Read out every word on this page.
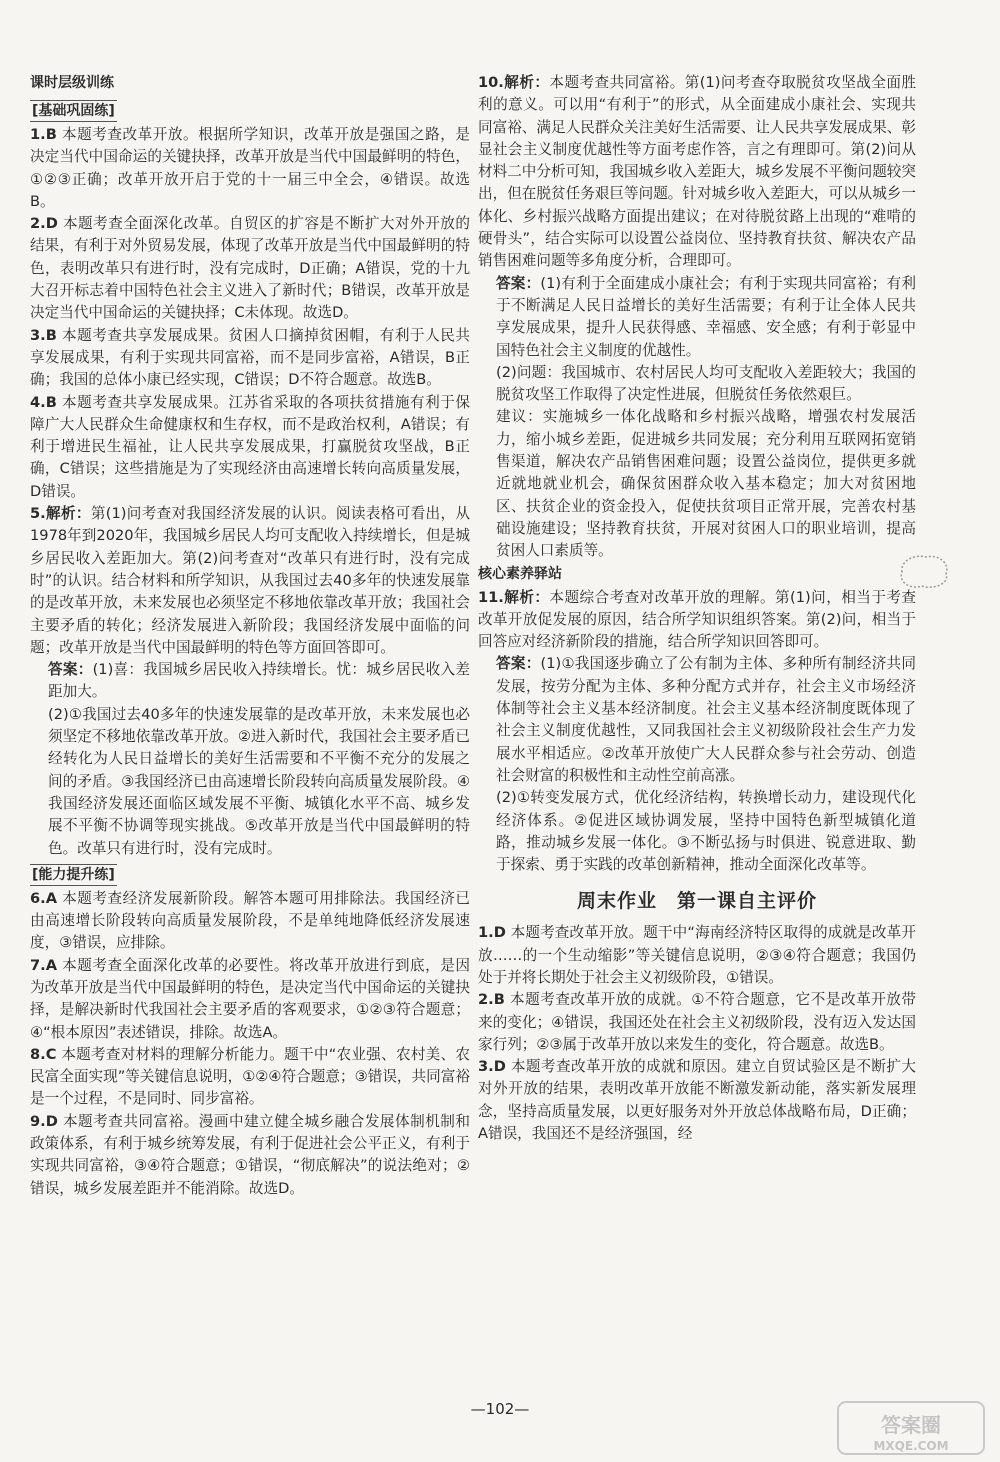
课时层级训练
[基础巩固练]

1.B 本题考查改革开放。根据所学知识，改革开放是强国之路，是决定当代中国命运的关键抉择，改革开放是当代中国最鲜明的特色，①②③正确；改革开放开启于党的十一届三中全会，④错误。故选B。

2.D 本题考查全面深化改革。自贸区的扩容是不断扩大对外开放的结果，有利于对外贸易发展，体现了改革开放是当代中国最鲜明的特色，表明改革只有进行时，没有完成时，D正确；A错误，党的十九大召开标志着中国特色社会主义进入了新时代；B错误，改革开放是决定当代中国命运的关键抉择；C未体现。故选D。

3.B 本题考查共享发展成果。贫困人口摘掉贫困帽，有利于人民共享发展成果，有利于实现共同富裕，而不是同步富裕，A错误，B正确；我国的总体小康已经实现，C错误；D不符合题意。故选B。

4.B 本题考查共享发展成果。江苏省采取的各项扶贫措施有利于保障广大人民群众生命健康权和生存权，而不是政治权利，A错误；有利于增进民生福祉，让人民共享发展成果，打赢脱贫攻坚战，B正确，C错误；这些措施是为了实现经济由高速增长转向高质量发展，D错误。

5.解析：第(1)问考查对我国经济发展的认识。阅读表格可看出，从1978年到2020年，我国城乡居民人均可支配收入持续增长，但是城乡居民收入差距加大。第(2)问考查对“改革只有进行时，没有完成时”的认识。结合材料和所学知识，从我国过去40多年的快速发展靠的是改革开放，未来发展也必须坚定不移地依靠改革开放；我国社会主要矛盾的转化；经济发展进入新阶段；我国经济发展中面临的问题；改革开放是当代中国最鲜明的特色等方面回答即可。

答案：(1)喜：我国城乡居民收入持续增长。忧：城乡居民收入差距加大。

(2)①我国过去40多年的快速发展靠的是改革开放，未来发展也必须坚定不移地依靠改革开放。②进入新时代，我国社会主要矛盾已经转化为人民日益增长的美好生活需要和不平衡不充分的发展之间的矛盾。③我国经济已由高速增长阶段转向高质量发展阶段。④我国经济发展还面临区域发展不平衡、城镇化水平不高、城乡发展不平衡不协调等现实挑战。⑤改革开放是当代中国最鲜明的特色。改革只有进行时，没有完成时。

[能力提升练]

6.A 本题考查经济发展新阶段。解答本题可用排除法。我国经济已由高速增长阶段转向高质量发展阶段，不是单纯地降低经济发展速度，③错误，应排除。

7.A 本题考查全面深化改革的必要性。将改革开放进行到底，是因为改革开放是当代中国最鲜明的特色，是决定当代中国命运的关键抉择，是解决新时代我国社会主要矛盾的客观要求，①②③符合题意；④“根本原因”表述错误，排除。故选A。

8.C 本题考查对材料的理解分析能力。题干中“农业强、农村美、农民富全面实现”等关键信息说明，①②④符合题意；③错误，共同富裕是一个过程，不是同时、同步富裕。

9.D 本题考查共同富裕。漫画中建立健全城乡融合发展体制机制和政策体系，有利于城乡统筹发展，有利于促进社会公平正义，有利于实现共同富裕，③④符合题意；①错误，“彻底解决”的说法绝对；②错误，城乡发展差距并不能消除。故选D。

10.解析：本题考查共同富裕。第(1)问考查夺取脱贫攻坚战全面胜利的意义。可以用“有利于”的形式，从全面建成小康社会、实现共同富裕、满足人民群众关注美好生活需要、让人民共享发展成果、彰显社会主义制度优越性等方面考虑作答，言之有理即可。第(2)问从材料二中分析可知，我国城乡收入差距大，城乡发展不平衡问题较突出，但在脱贫任务艰巨等问题。针对城乡收入差距大，可以从城乡一体化、乡村振兴战略方面提出建议；在对待脱贫路上出现的“难啃的硬骨头”，结合实际可以设置公益岗位、坚持教育扶贫、解决农产品销售困难问题等多角度分析，合理即可。

答案：(1)有利于全面建成小康社会；有利于实现共同富裕；有利于不断满足人民日益增长的美好生活需要；有利于让全体人民共享发展成果，提升人民获得感、幸福感、安全感；有利于彰显中国特色社会主义制度的优越性。

(2)问题：我国城市、农村居民人均可支配收入差距较大；我国的脱贫攻坚工作取得了决定性进展，但脱贫任务依然艰巨。

建议：实施城乡一体化战略和乡村振兴战略，增强农村发展活力，缩小城乡差距，促进城乡共同发展；充分利用互联网拓宽销售渠道，解决农产品销售困难问题；设置公益岗位，提供更多就近就地就业机会，确保贫困群众收入基本稳定；加大对贫困地区、扶贫企业的资金投入，促使扶贫项目正常开展，完善农村基础设施建设；坚持教育扶贫，开展对贫困人口的职业培训，提高贫困人口素质等。

核心素养驿站

11.解析：本题综合考查对改革开放的理解。第(1)问，相当于考查改革开放促发展的原因，结合所学知识组织答案。第(2)问，相当于回答应对经济新阶段的措施，结合所学知识回答即可。

答案：(1)①我国逐步确立了公有制为主体、多种所有制经济共同发展，按劳分配为主体、多种分配方式并存，社会主义市场经济体制等社会主义基本经济制度。社会主义基本经济制度既体现了社会主义制度优越性，又同我国社会主义初级阶段社会生产力发展水平相适应。②改革开放使广大人民群众参与社会劳动、创造社会财富的积极性和主动性空前高涨。

(2)①转变发展方式，优化经济结构，转换增长动力，建设现代化经济体系。②促进区域协调发展，坚持中国特色新型城镇化道路，推动城乡发展一体化。③不断弘扬与时俱进、锐意进取、勤于探索、勇于实践的改革创新精神，推动全面深化改革等。

周末作业　第一课自主评价

1.D 本题考查改革开放。题干中“海南经济特区取得的成就是改革开放……的一个生动缩影”等关键信息说明，②③④符合题意；我国仍处于并将长期处于社会主义初级阶段，①错误。

2.B 本题考查改革开放的成就。①不符合题意，它不是改革开放带来的变化；④错误，我国还处在社会主义初级阶段，没有迈入发达国家行列；②③属于改革开放以来发生的变化，符合题意。故选B。

3.D 本题考查改革开放的成就和原因。建立自贸试验区是不断扩大对外开放的结果，表明改革开放能不断激发新动能，落实新发展理念，坚持高质量发展，以更好服务对外开放总体战略布局，D正确；A错误，我国还不是经济强国，经

—102—
答案圈
MXQE.COM
